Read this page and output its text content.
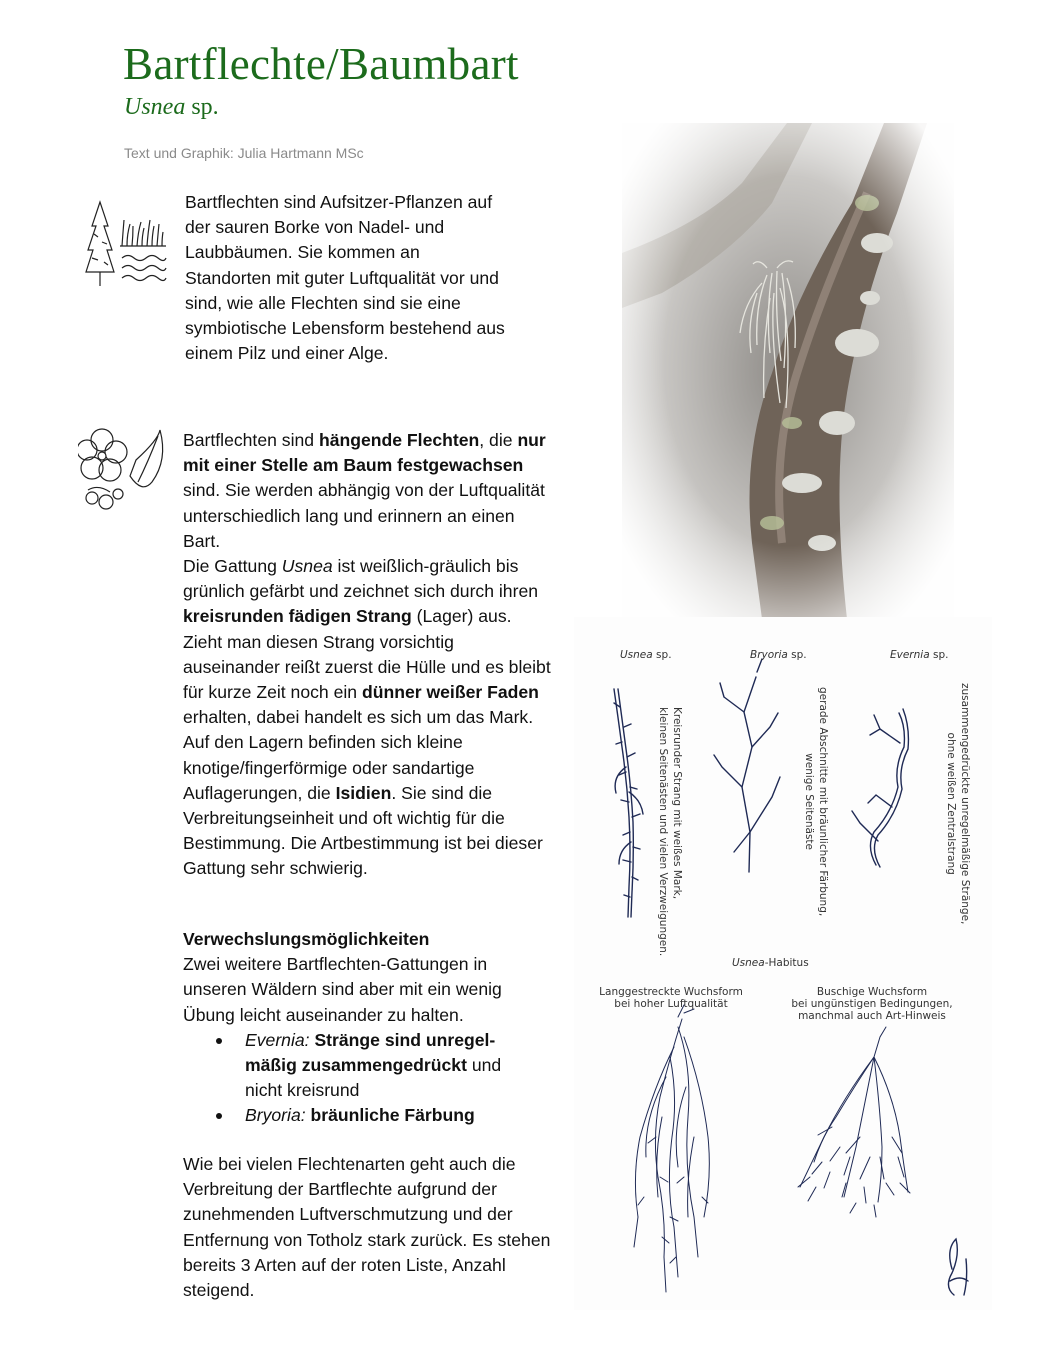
Bartflechte/Baumbart

Usnea sp.

Text und Graphik: Julia Hartmann MSc

Bartflechten sind Aufsitzer-Pflanzen auf der sauren Borke von Nadel- und Laubbäumen. Sie kommen an Standorten mit guter Luftqualität vor und sind, wie alle Flechten sind sie eine symbiotische Lebensform bestehend aus einem Pilz und einer Alge.

Bartflechten sind hängende Flechten, die nur mit einer Stelle am Baum festgewachsen sind. Sie werden abhängig von der Luftqualität unterschiedlich lang und erinnern an einen Bart.
Die Gattung Usnea ist weißlich-gräulich bis grünlich gefärbt und zeichnet sich durch ihren kreisrunden fädigen Strang (Lager) aus. Zieht man diesen Strang vorsichtig auseinander reißt zuerst die Hülle und es bleibt für kurze Zeit noch ein dünner weißer Faden erhalten, dabei handelt es sich um das Mark.
Auf den Lagern befinden sich kleine knotige/fingerförmige oder sandartige Auflagerungen, die Isidien. Sie sind die Verbreitungseinheit und oft wichtig für die Bestimmung. Die Artbestimmung ist bei dieser Gattung sehr schwierig.
Verwechslungsmöglichkeiten
Zwei weitere Bartflechten-Gattungen in unseren Wäldern sind aber mit ein wenig Übung leicht auseinander zu halten.
Evernia: Stränge sind unregel-mäßig zusammengedrückt und nicht kreisrund
Bryoria: bräunliche Färbung

Wie bei vielen Flechtenarten geht auch die Verbreitung der Bartflechte aufgrund der zunehmenden Luftverschmutzung und der Entfernung von Totholz stark zurück. Es stehen bereits 3 Arten auf der roten Liste, Anzahl steigend.

Usnea sp.	Bryoria sp.	Evernia sp.
Kreisrunder Strang mit weißes Mark,
kleinen Seitenästen und vielen Verzweigungen.	gerade Abschnitte mit bräunlicher Färbung,
wenige Seitenäste	zusammengedrückte unregelmäßige Stränge,
ohne weißen Zentralstrang
Usnea-Habitus
Langgestreckte Wuchsform
bei hoher Luftqualität
Buschige Wuchsform
bei ungünstigen Bedingungen,
manchmal auch Art-Hinweis
